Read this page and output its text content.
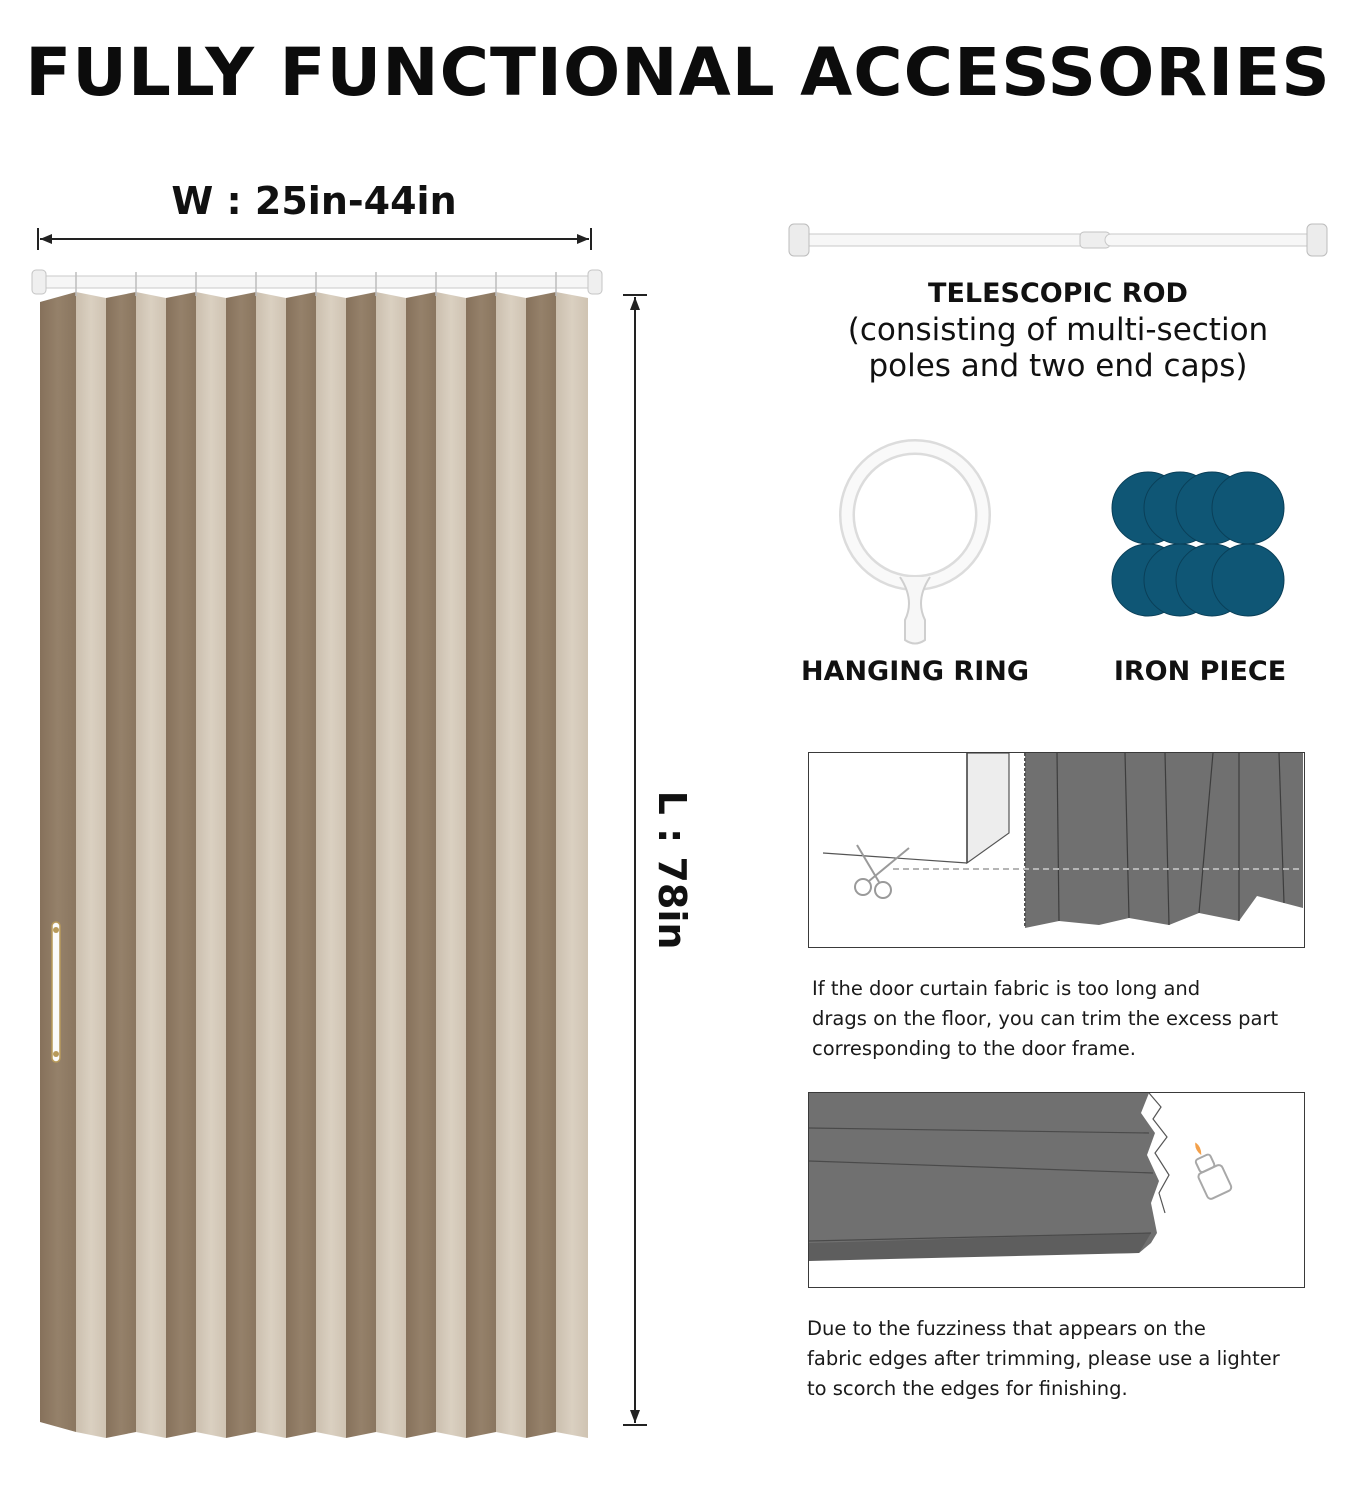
FULLY FUNCTIONAL ACCESSORIES
W : 25in-44in
L : 78in
TELESCOPIC ROD
(consisting of multi-section
poles and two end caps)
HANGING RING	IRON PIECE
If the door curtain fabric is too long and
drags on the floor, you can trim the excess part
corresponding to the door frame.
Due to the fuzziness that appears on the
fabric edges after trimming, please use a lighter
to scorch the edges for finishing.
